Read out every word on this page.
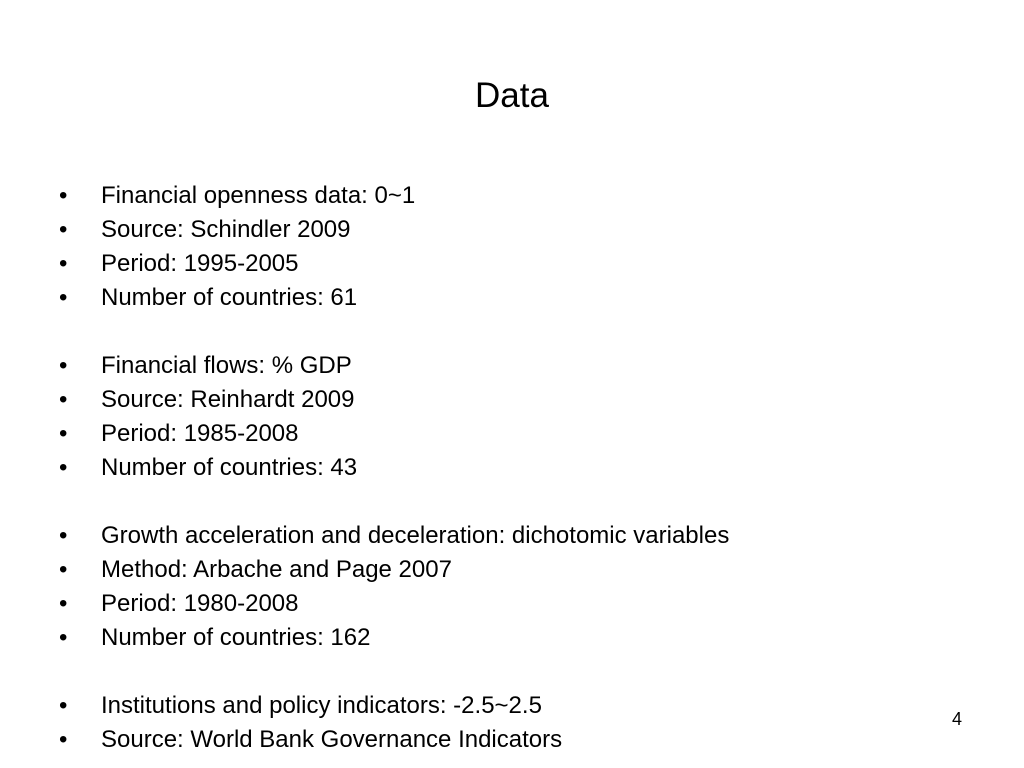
Data
• Financial openness data: 0~1
• Source: Schindler 2009
• Period: 1995-2005
• Number of countries: 61
• Financial flows: % GDP
• Source: Reinhardt 2009
• Period: 1985-2008
• Number of countries: 43
• Growth acceleration and deceleration: dichotomic variables
• Method: Arbache and Page 2007
• Period: 1980-2008
• Number of countries: 162
• Institutions and policy indicators: -2.5~2.5
• Source: World Bank Governance Indicators
4
